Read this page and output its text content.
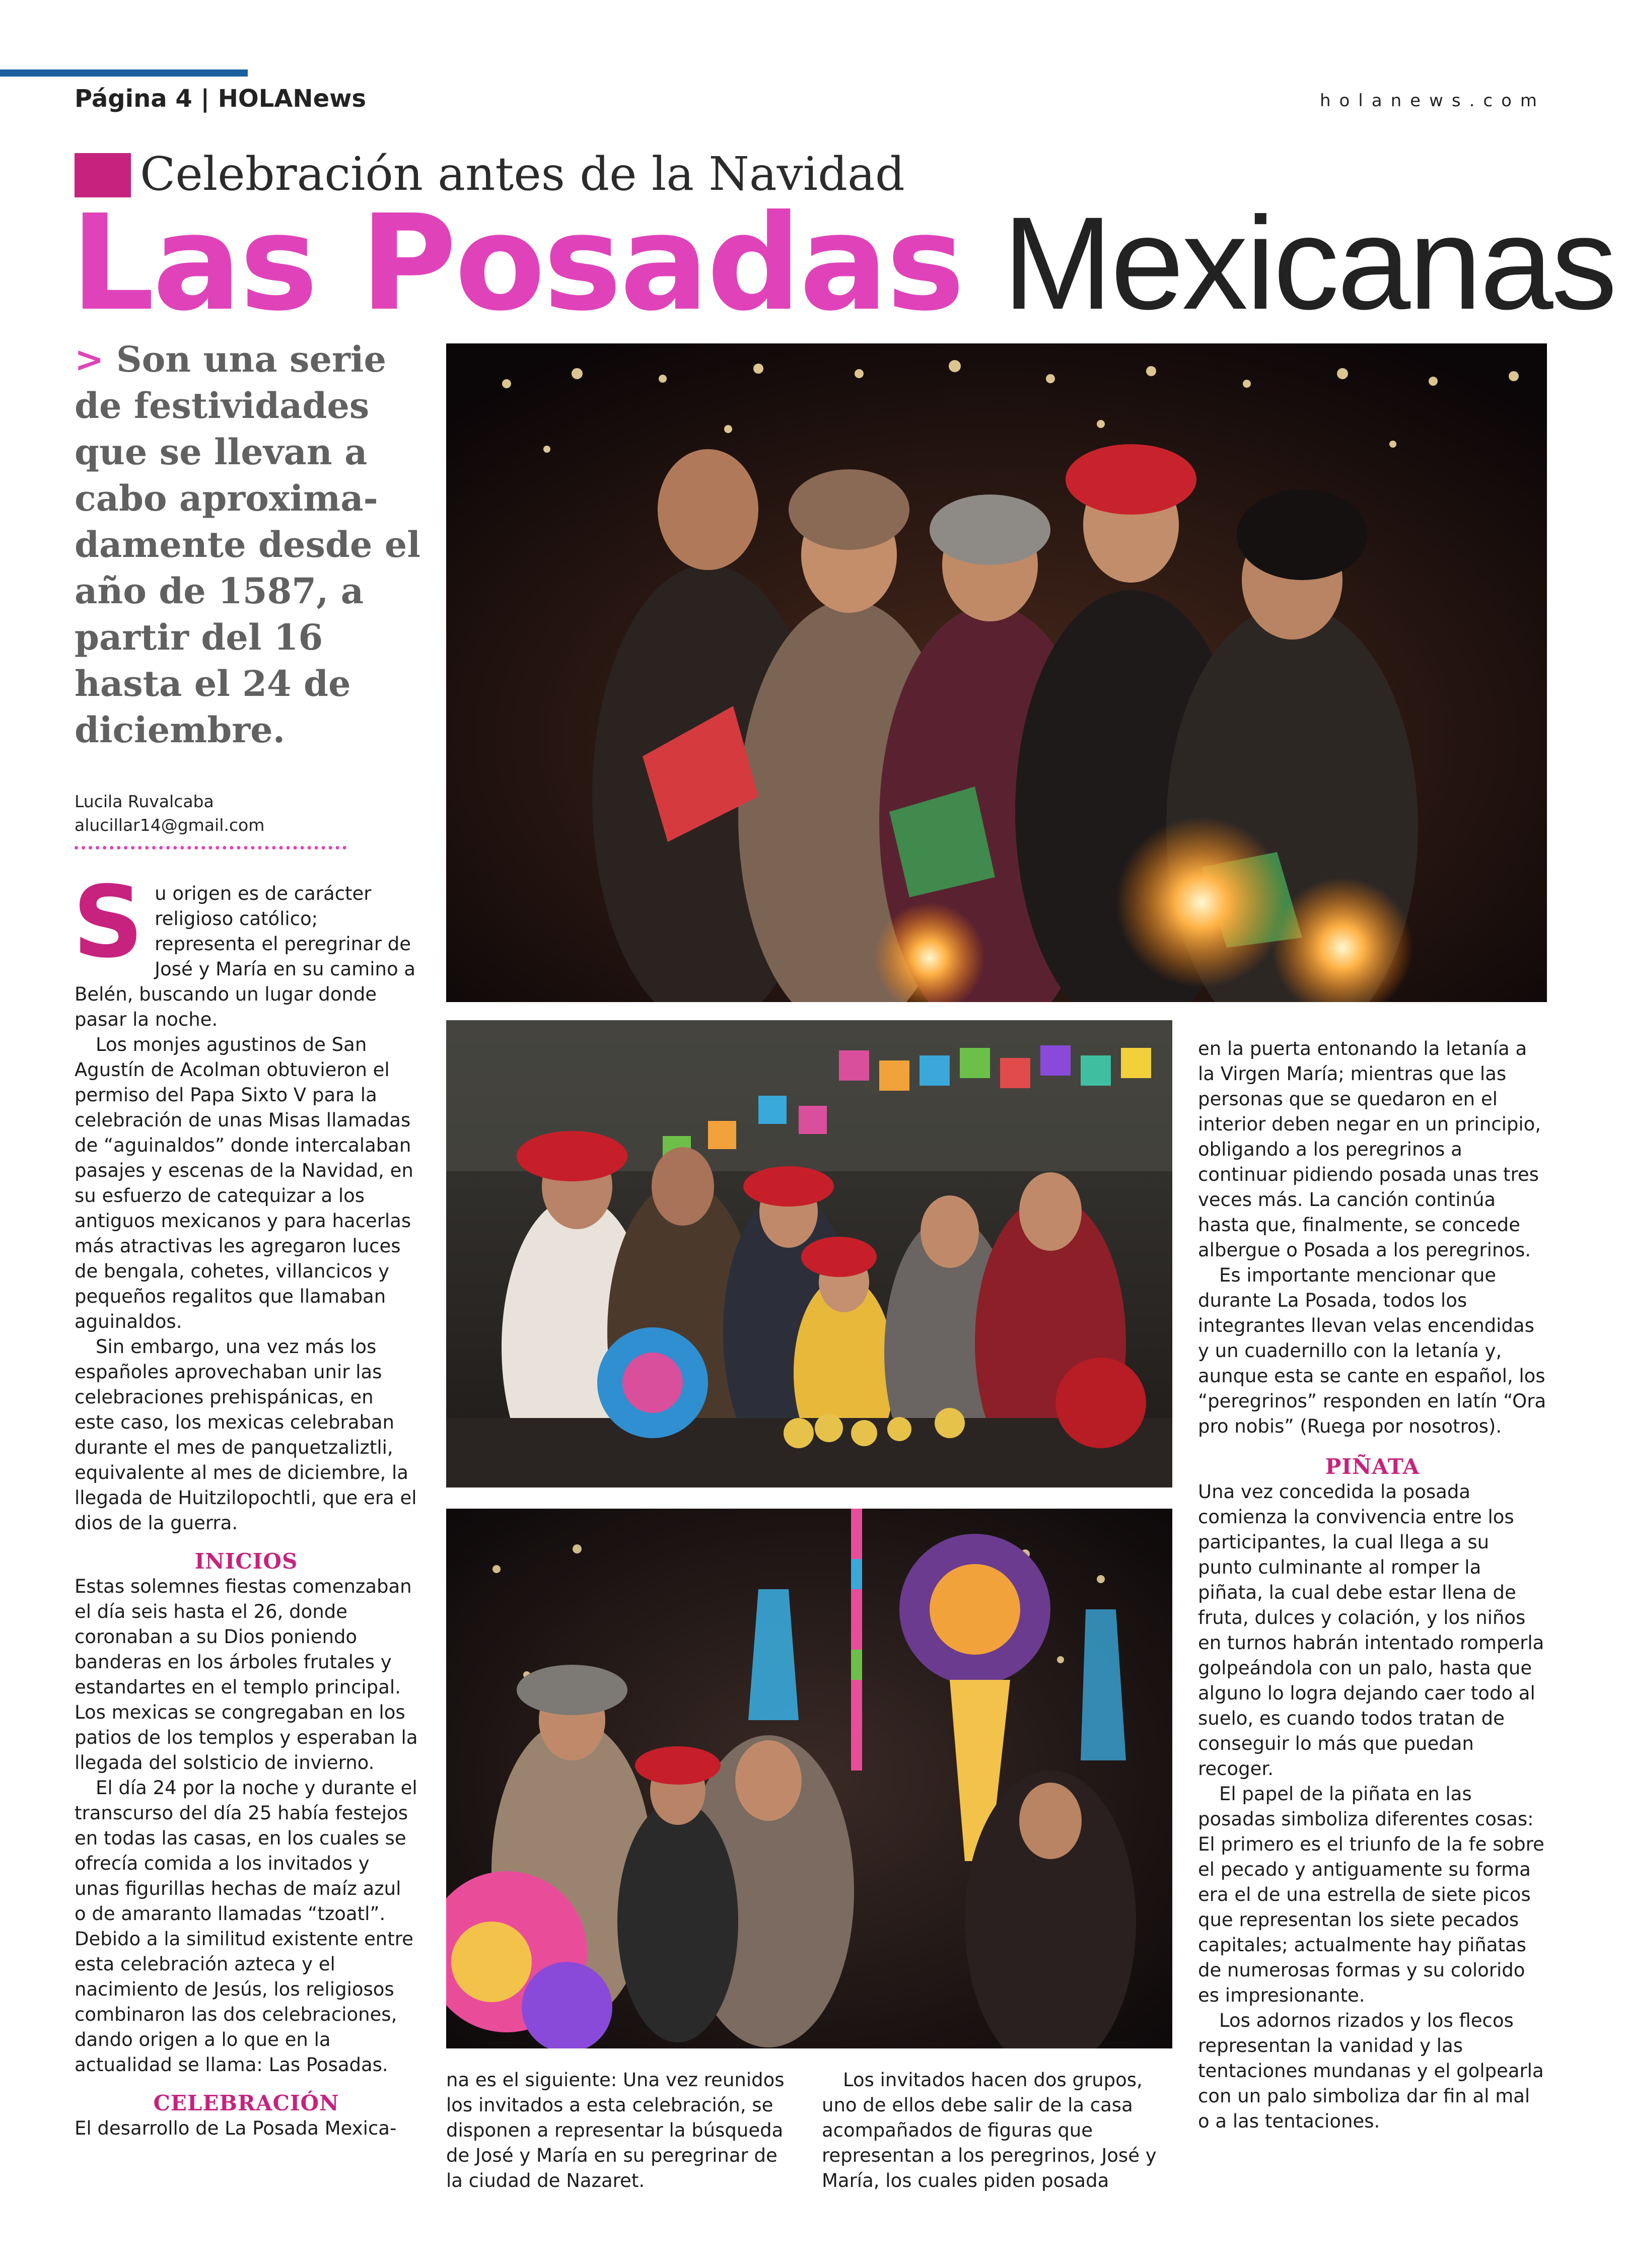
Página 4 | HOLANews	holanews.com
Celebración antes de la Navidad
Las Posadas Mexicanas
> Son una serie de festividades que se llevan a cabo aproxima-damente desde el año de 1587, a partir del 16 hasta el 24 de diciembre.
Lucila Ruvalcaba
alucillar14@gmail.com
S u origen es de carácter religioso católico; representa el peregrinar de José y María en su camino a Belén, buscando un lugar donde pasar la noche.

Los monjes agustinos de San Agustín de Acolman obtuvieron el permiso del Papa Sixto V para la celebración de unas Misas llamadas de “aguinaldos” donde intercalaban pasajes y escenas de la Navidad, en su esfuerzo de catequizar a los antiguos mexicanos y para hacerlas más atractivas les agregaron luces de bengala, cohetes, villancicos y pequeños regalitos que llamaban aguinaldos.

Sin embargo, una vez más los españoles aprovechaban unir las celebraciones prehispánicas, en este caso, los mexicas celebraban durante el mes de panquetzaliztli, equivalente al mes de diciembre, la llegada de Huitzilopochtli, que era el dios de la guerra.

INICIOS

Estas solemnes fiestas comenzaban el día seis hasta el 26, donde coronaban a su Dios poniendo banderas en los árboles frutales y estandartes en el templo principal. Los mexicas se congregaban en los patios de los templos y esperaban la llegada del solsticio de invierno.

El día 24 por la noche y durante el transcurso del día 25 había festejos en todas las casas, en los cuales se ofrecía comida a los invitados y unas figurillas hechas de maíz azul o de amaranto llamadas “tzoatl”. Debido a la similitud existente entre esta celebración azteca y el nacimiento de Jesús, los religiosos combinaron las dos celebraciones, dando origen a lo que en la actualidad se llama: Las Posadas.

CELEBRACIÓN

El desarrollo de La Posada Mexica-

en la puerta entonando la letanía a la Virgen María; mientras que las personas que se quedaron en el interior deben negar en un principio, obligando a los peregrinos a continuar pidiendo posada unas tres veces más. La canción continúa hasta que, finalmente, se concede albergue o Posada a los peregrinos.

Es importante mencionar que durante La Posada, todos los integrantes llevan velas encendidas y un cuadernillo con la letanía y, aunque esta se cante en español, los “peregrinos” responden en latín “Ora pro nobis” (Ruega por nosotros).

PIÑATA

Una vez concedida la posada comienza la convivencia entre los participantes, la cual llega a su punto culminante al romper la piñata, la cual debe estar llena de fruta, dulces y colación, y los niños en turnos habrán intentado romperla golpeándola con un palo, hasta que alguno lo logra dejando caer todo al suelo, es cuando todos tratan de conseguir lo más que puedan recoger.

El papel de la piñata en las posadas simboliza diferentes cosas: El primero es el triunfo de la fe sobre el pecado y antiguamente su forma era el de una estrella de siete picos que representan los siete pecados capitales; actualmente hay piñatas de numerosas formas y su colorido es impresionante.

Los adornos rizados y los flecos representan la vanidad y las tentaciones mundanas y el golpearla con un palo simboliza dar fin al mal o a las tentaciones.

na es el siguiente: Una vez reunidos los invitados a esta celebración, se disponen a representar la búsqueda de José y María en su peregrinar de la ciudad de Nazaret.

Los invitados hacen dos grupos, uno de ellos debe salir de la casa acompañados de figuras que representan a los peregrinos, José y María, los cuales piden posada
